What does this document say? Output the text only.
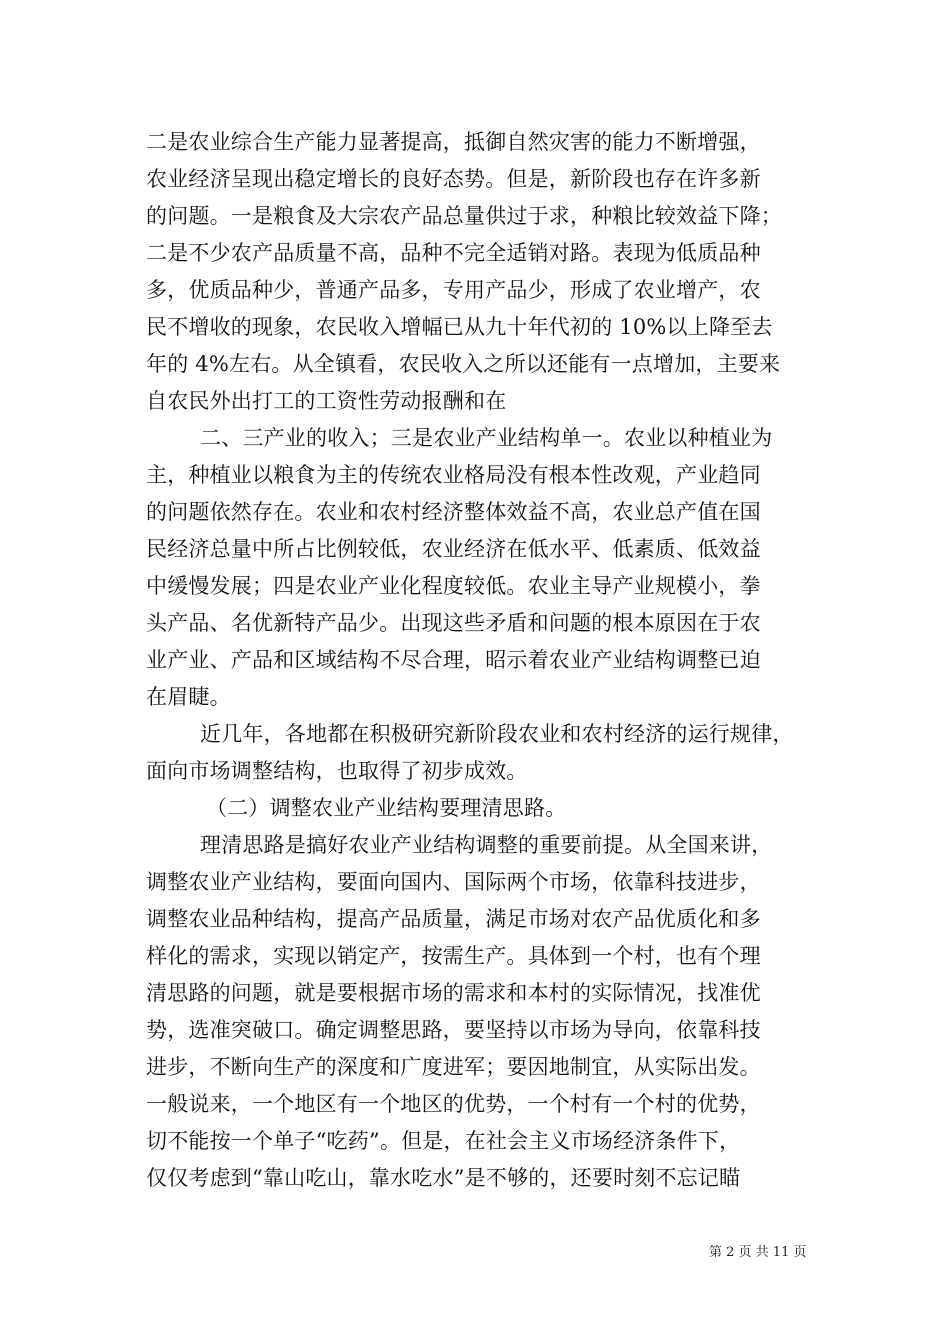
二是农业综合生产能力显著提高，抵御自然灾害的能力不断增强，
农业经济呈现出稳定增长的良好态势。但是，新阶段也存在许多新
的问题。一是粮食及大宗农产品总量供过于求，种粮比较效益下降；
二是不少农产品质量不高，品种不完全适销对路。表现为低质品种
多，优质品种少，普通产品多，专用产品少，形成了农业增产，农
民不增收的现象，农民收入增幅已从九十年代初的 10%以上降至去
年的 4%左右。从全镇看，农民收入之所以还能有一点增加，主要来
自农民外出打工的工资性劳动报酬和在
二、三产业的收入；三是农业产业结构单一。农业以种植业为
主，种植业以粮食为主的传统农业格局没有根本性改观，产业趋同
的问题依然存在。农业和农村经济整体效益不高，农业总产值在国
民经济总量中所占比例较低，农业经济在低水平、低素质、低效益
中缓慢发展；四是农业产业化程度较低。农业主导产业规模小，拳
头产品、名优新特产品少。出现这些矛盾和问题的根本原因在于农
业产业、产品和区域结构不尽合理，昭示着农业产业结构调整已迫
在眉睫。
近几年，各地都在积极研究新阶段农业和农村经济的运行规律，
面向市场调整结构，也取得了初步成效。
（二）调整农业产业结构要理清思路。
理清思路是搞好农业产业结构调整的重要前提。从全国来讲，
调整农业产业结构，要面向国内、国际两个市场，依靠科技进步，
调整农业品种结构，提高产品质量，满足市场对农产品优质化和多
样化的需求，实现以销定产，按需生产。具体到一个村，也有个理
清思路的问题，就是要根据市场的需求和本村的实际情况，找准优
势，选准突破口。确定调整思路，要坚持以市场为导向，依靠科技
进步，不断向生产的深度和广度进军；要因地制宜，从实际出发。
一般说来，一个地区有一个地区的优势，一个村有一个村的优势，
切不能按一个单子“吃药”。但是，在社会主义市场经济条件下，
仅仅考虑到“靠山吃山，靠水吃水”是不够的，还要时刻不忘记瞄
第 2 页 共 11 页
